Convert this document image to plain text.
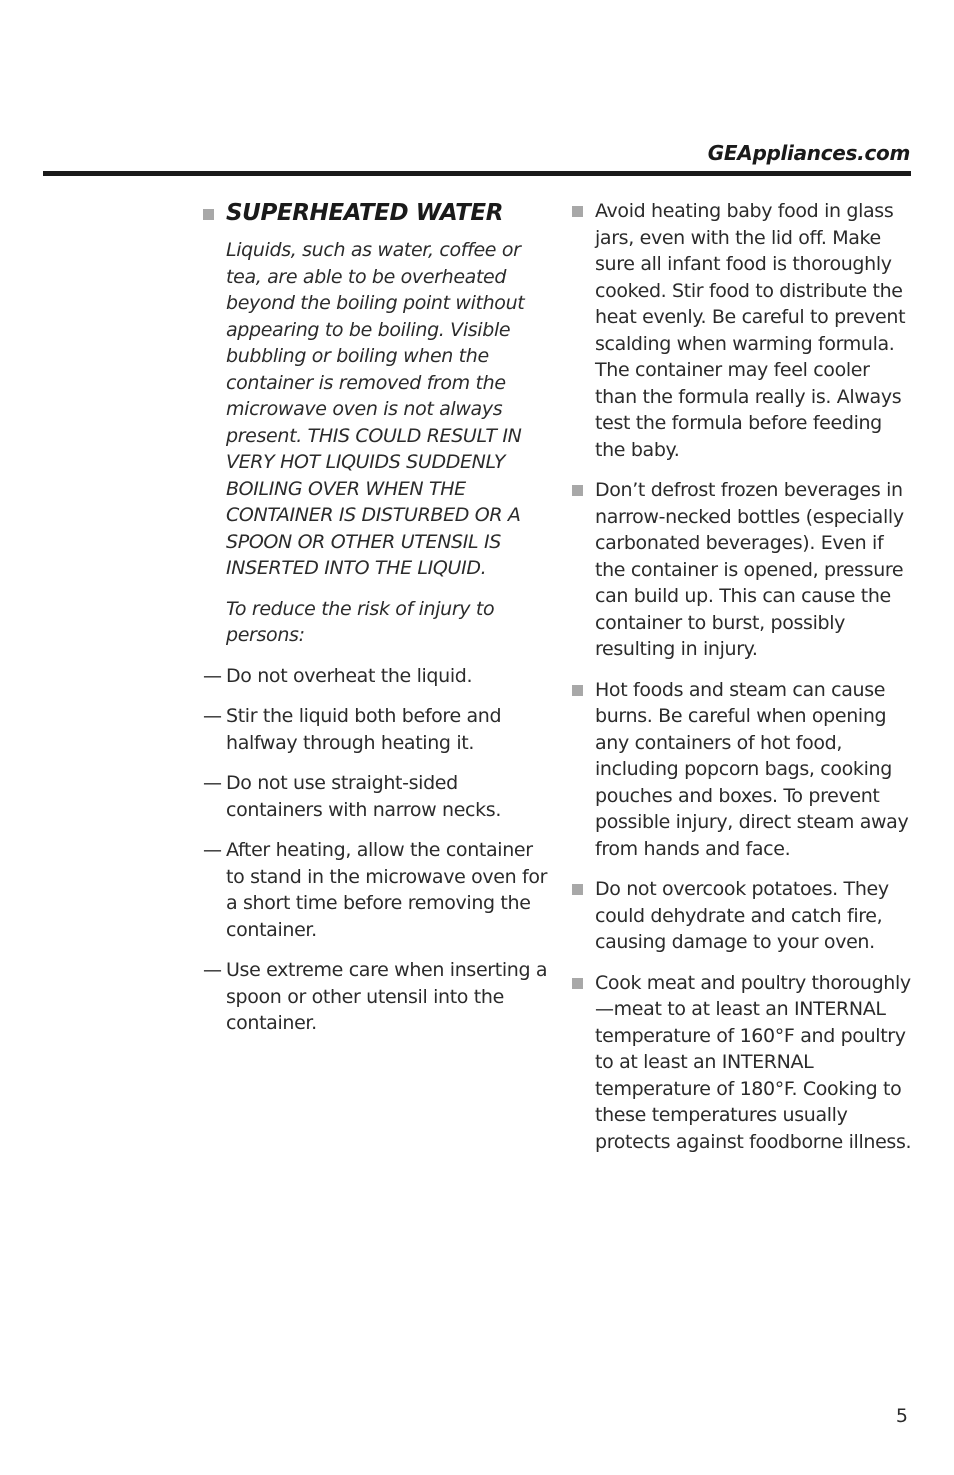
GEAppliances.com
SUPERHEATED WATER

Liquids, such as water, coffee or tea, are able to be overheated beyond the boiling point without appearing to be boiling. Visible bubbling or boiling when the container is removed from the microwave oven is not always present. THIS COULD RESULT IN VERY HOT LIQUIDS SUDDENLY BOILING OVER WHEN THE CONTAINER IS DISTURBED OR A SPOON OR OTHER UTENSIL IS INSERTED INTO THE LIQUID.

To reduce the risk of injury to persons:

— Do not overheat the liquid.
— Stir the liquid both before and halfway through heating it.
— Do not use straight-sided containers with narrow necks.
— After heating, allow the container to stand in the microwave oven for a short time before removing the container.
— Use extreme care when inserting a spoon or other utensil into the container.
Avoid heating baby food in glass jars, even with the lid off. Make sure all infant food is thoroughly cooked. Stir food to distribute the heat evenly. Be careful to prevent scalding when warming formula. The container may feel cooler than the formula really is. Always test the formula before feeding the baby.
Don’t defrost frozen beverages in narrow-necked bottles (especially carbonated beverages). Even if the container is opened, pressure can build up. This can cause the container to burst, possibly resulting in injury.
Hot foods and steam can cause burns. Be careful when opening any containers of hot food, including popcorn bags, cooking pouches and boxes. To prevent possible injury, direct steam away from hands and face.
Do not overcook potatoes. They could dehydrate and catch fire, causing damage to your oven.
Cook meat and poultry thoroughly—meat to at least an INTERNAL temperature of 160°F and poultry to at least an INTERNAL temperature of 180°F. Cooking to these temperatures usually protects against foodborne illness.
5
